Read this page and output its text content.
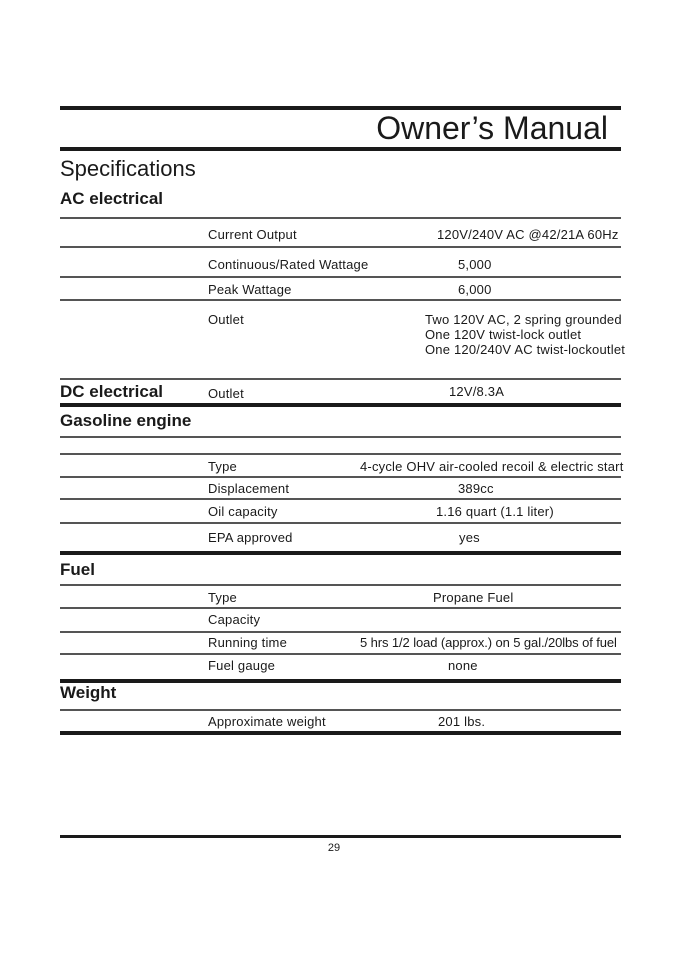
Owner’s Manual
Specifications
AC electrical
Current Output	120V/240V AC @42/21A 60Hz
Continuous/Rated Wattage	5,000
Peak Wattage	6,000
Outlet	Two 120V AC, 2 spring grounded
One 120V twist-lock outlet
One 120/240V AC twist-lockoutlet
DC electrical	Outlet	12V/8.3A
Gasoline engine
Type	4-cycle OHV air-cooled recoil & electric start
Displacement	389cc
Oil capacity	1.16 quart (1.1 liter)
EPA approved	yes
Fuel
Type	Propane Fuel
Capacity
Running time	5 hrs 1/2 load (approx.) on 5 gal./20lbs of fuel
Fuel gauge	none
Weight
Approximate weight	201 lbs.
29
